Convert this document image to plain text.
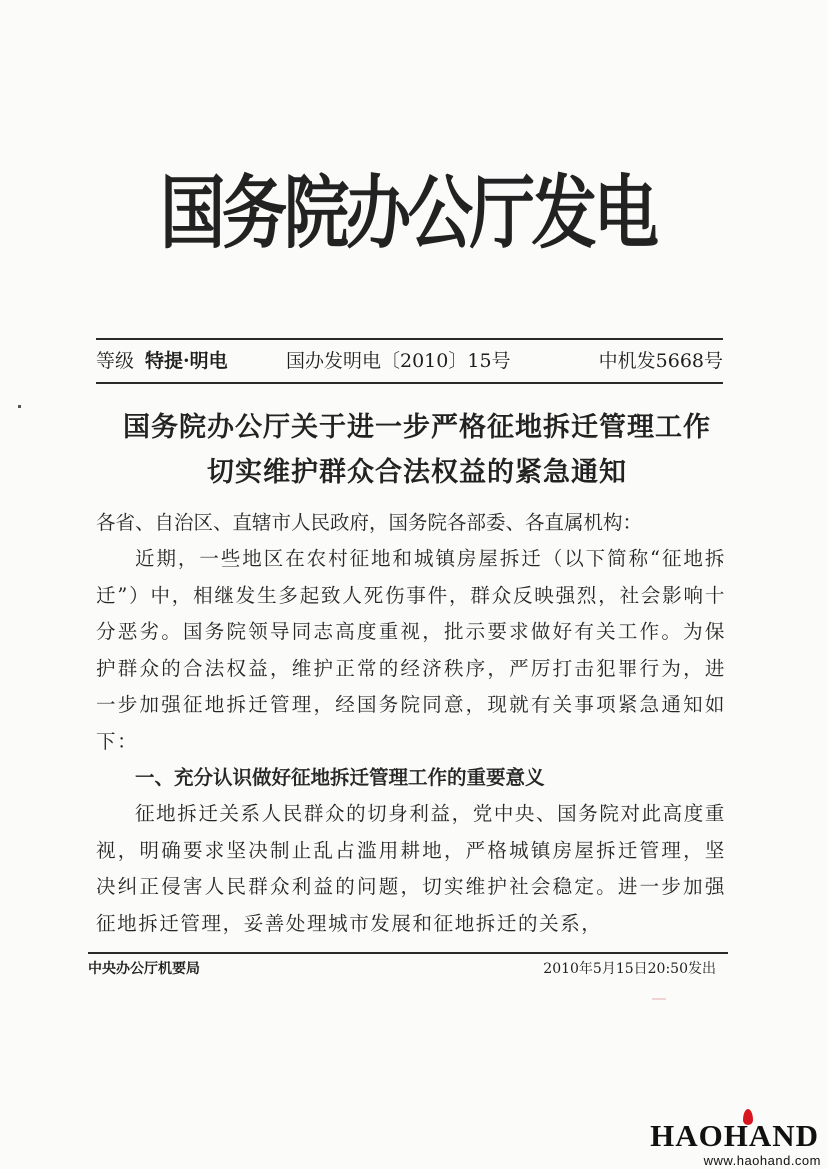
国务院办公厅发电
等级 特提·明电	国办发明电〔2010〕15号	中机发5668号
国务院办公厅关于进一步严格征地拆迁管理工作
切实维护群众合法权益的紧急通知
各省、自治区、直辖市人民政府，国务院各部委、各直属机构：
近期，一些地区在农村征地和城镇房屋拆迁（以下简称“征地拆迁”）中，相继发生多起致人死伤事件，群众反映强烈，社会影响十分恶劣。国务院领导同志高度重视，批示要求做好有关工作。为保护群众的合法权益，维护正常的经济秩序，严厉打击犯罪行为，进一步加强征地拆迁管理，经国务院同意，现就有关事项紧急通知如下：
一、充分认识做好征地拆迁管理工作的重要意义
征地拆迁关系人民群众的切身利益，党中央、国务院对此高度重视，明确要求坚决制止乱占滥用耕地，严格城镇房屋拆迁管理，坚决纠正侵害人民群众利益的问题，切实维护社会稳定。进一步加强征地拆迁管理，妥善处理城市发展和征地拆迁的关系，
中央办公厅机要局	2010年5月15日20:50发出
HAOHAND
www.haohand.com
